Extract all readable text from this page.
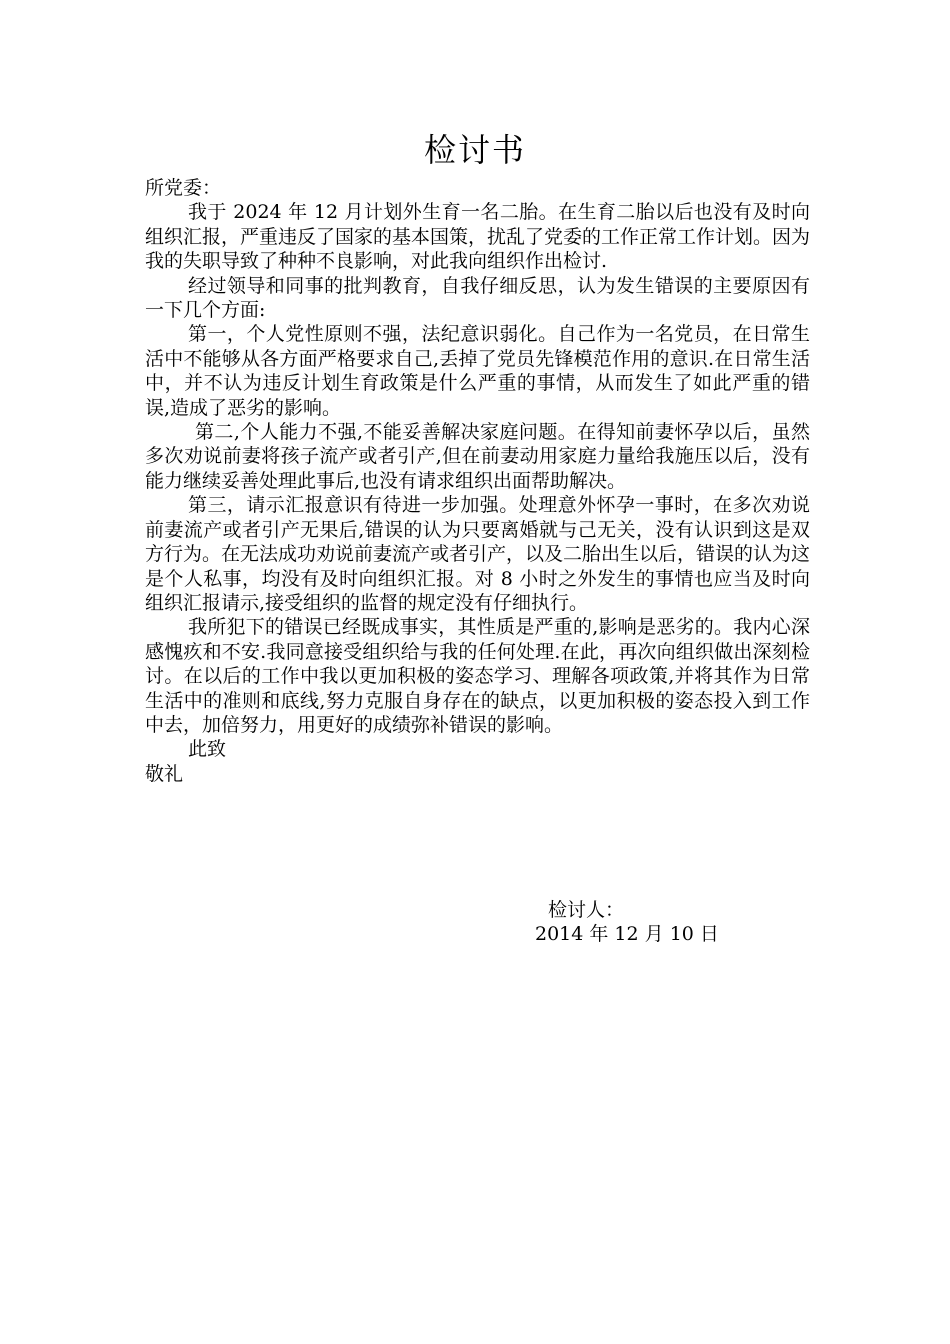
检讨书

所党委：

我于 2024 年 12 月计划外生育一名二胎。在生育二胎以后也没有及时向组织汇报，严重违反了国家的基本国策，扰乱了党委的工作正常工作计划。因为我的失职导致了种种不良影响，对此我向组织作出检讨.

经过领导和同事的批判教育，自我仔细反思，认为发生错误的主要原因有一下几个方面:

第一，个人党性原则不强，法纪意识弱化。自己作为一名党员，在日常生活中不能够从各方面严格要求自己,丢掉了党员先锋模范作用的意识.在日常生活中，并不认为违反计划生育政策是什么严重的事情，从而发生了如此严重的错误,造成了恶劣的影响。

第二,个人能力不强,不能妥善解决家庭问题。在得知前妻怀孕以后，虽然多次劝说前妻将孩子流产或者引产,但在前妻动用家庭力量给我施压以后，没有能力继续妥善处理此事后,也没有请求组织出面帮助解决。

第三，请示汇报意识有待进一步加强。处理意外怀孕一事时，在多次劝说前妻流产或者引产无果后,错误的认为只要离婚就与己无关，没有认识到这是双方行为。在无法成功劝说前妻流产或者引产，以及二胎出生以后，错误的认为这是个人私事，均没有及时向组织汇报。对 8 小时之外发生的事情也应当及时向组织汇报请示,接受组织的监督的规定没有仔细执行。

我所犯下的错误已经既成事实，其性质是严重的,影响是恶劣的。我内心深感愧疚和不安.我同意接受组织给与我的任何处理.在此，再次向组织做出深刻检讨。在以后的工作中我以更加积极的姿态学习、理解各项政策,并将其作为日常生活中的准则和底线,努力克服自身存在的缺点，以更加积极的姿态投入到工作中去，加倍努力，用更好的成绩弥补错误的影响。

此致

敬礼

检讨人：
2014 年 12 月 10 日
